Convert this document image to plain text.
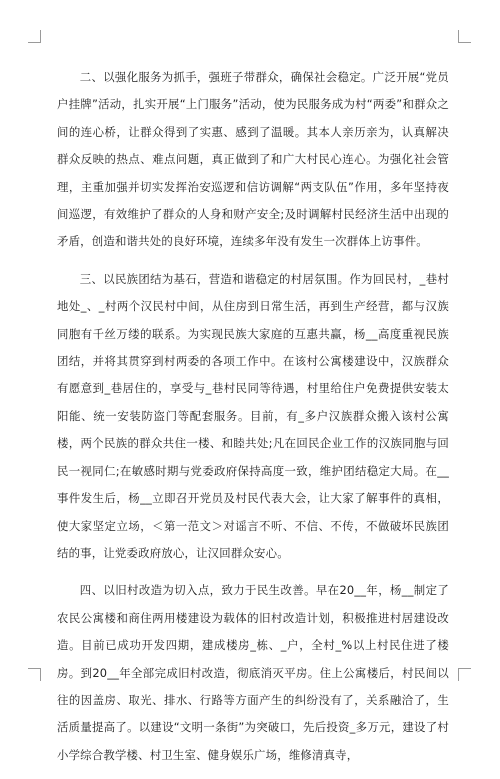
二、以强化服务为抓手，强班子带群众，确保社会稳定。广泛开展“党员户挂牌”活动，扎实开展“上门服务”活动，使为民服务成为村“两委”和群众之间的连心桥，让群众得到了实惠、感到了温暖。其本人亲历亲为，认真解决群众反映的热点、难点问题，真正做到了和广大村民心连心。为强化社会管理，主重加强并切实发挥治安巡逻和信访调解“两支队伍”作用，多年坚持夜间巡逻，有效维护了群众的人身和财产安全;及时调解村民经济生活中出现的矛盾，创造和谐共处的良好环境，连续多年没有发生一次群体上访事件。

三、以民族团结为基石，营造和谐稳定的村居氛围。作为回民村，_巷村地处_、_村两个汉民村中间，从住房到日常生活，再到生产经营，都与汉族同胞有千丝万缕的联系。为实现民族大家庭的互惠共赢，杨__高度重视民族团结，并将其贯穿到村两委的各项工作中。在该村公寓楼建设中，汉族群众有愿意到_巷居住的，享受与_巷村民同等待遇，村里给住户免费提供安装太阳能、统一安装防盗门等配套服务。目前，有_多户汉族群众搬入该村公寓楼，两个民族的群众共住一楼、和睦共处;凡在回民企业工作的汉族同胞与回民一视同仁;在敏感时期与党委政府保持高度一致，维护团结稳定大局。在__事件发生后，杨__立即召开党员及村民代表大会，让大家了解事件的真相，使大家坚定立场，＜第一范文＞对谣言不听、不信、不传，不做破坏民族团结的事，让党委政府放心，让汉回群众安心。

四、以旧村改造为切入点，致力于民生改善。早在20__年，杨__制定了农民公寓楼和商住两用楼建设为载体的旧村改造计划，积极推进村居建设改造。目前已成功开发四期，建成楼房_栋、_户，全村_%以上村民住进了楼房。到20__年全部完成旧村改造，彻底消灭平房。住上公寓楼后，村民间以往的因盖房、取光、排水、行路等方面产生的纠纷没有了，关系融洽了，生活质量提高了。以建设“文明一条街”为突破口，先后投资_多万元，建设了村小学综合教学楼、村卫生室、健身娱乐广场，维修清真寺，
